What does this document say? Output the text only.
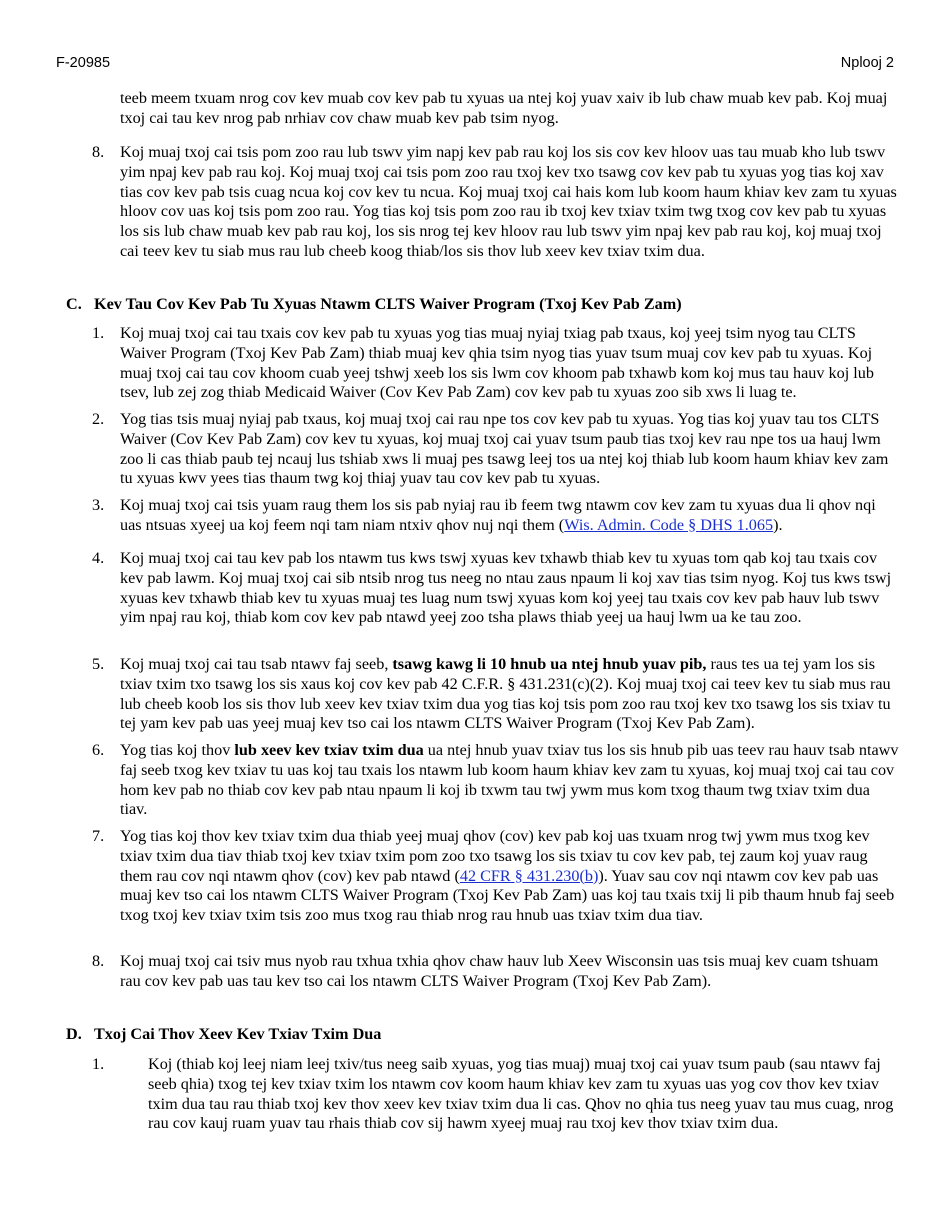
F-20985	Nplooj 2

teeb meem txuam nrog cov kev muab cov kev pab tu xyuas ua ntej koj yuav xaiv ib lub chaw muab kev pab. Koj muaj txoj cai tau kev nrog pab nrhiav cov chaw muab kev pab tsim nyog.

8. Koj muaj txoj cai tsis pom zoo rau lub tswv yim napj kev pab rau koj los sis cov kev hloov uas tau muab kho lub tswv yim npaj kev pab rau koj. Koj muaj txoj cai tsis pom zoo rau txoj kev txo tsawg cov kev pab tu xyuas yog tias koj xav tias cov kev pab tsis cuag ncua koj cov kev tu ncua. Koj muaj txoj cai hais kom lub koom haum khiav kev zam tu xyuas hloov cov uas koj tsis pom zoo rau. Yog tias koj tsis pom zoo rau ib txoj kev txiav txim twg txog cov kev pab tu xyuas los sis lub chaw muab kev pab rau koj, los sis nrog tej kev hloov rau lub tswv yim npaj kev pab rau koj, koj muaj txoj cai teev kev tu siab mus rau lub cheeb koog thiab/los sis thov lub xeev kev txiav txim dua.
C. Kev Tau Cov Kev Pab Tu Xyuas Ntawm CLTS Waiver Program (Txoj Kev Pab Zam)
1. Koj muaj txoj cai tau txais cov kev pab tu xyuas yog tias muaj nyiaj txiag pab txaus, koj yeej tsim nyog tau CLTS Waiver Program (Txoj Kev Pab Zam) thiab muaj kev qhia tsim nyog tias yuav tsum muaj cov kev pab tu xyuas. Koj muaj txoj cai tau cov khoom cuab yeej tshwj xeeb los sis lwm cov khoom pab txhawb kom koj mus tau hauv koj lub tsev, lub zej zog thiab Medicaid Waiver (Cov Kev Pab Zam) cov kev pab tu xyuas zoo sib xws li luag te.
2. Yog tias tsis muaj nyiaj pab txaus, koj muaj txoj cai rau npe tos cov kev pab tu xyuas. Yog tias koj yuav tau tos CLTS Waiver (Cov Kev Pab Zam) cov kev tu xyuas, koj muaj txoj cai yuav tsum paub tias txoj kev rau npe tos ua hauj lwm zoo li cas thiab paub tej ncauj lus tshiab xws li muaj pes tsawg leej tos ua ntej koj thiab lub koom haum khiav kev zam tu xyuas kwv yees tias thaum twg koj thiaj yuav tau cov kev pab tu xyuas.
3. Koj muaj txoj cai tsis yuam raug them los sis pab nyiaj rau ib feem twg ntawm cov kev zam tu xyuas dua li qhov nqi uas ntsuas xyeej ua koj feem nqi tam niam ntxiv qhov nuj nqi them (Wis. Admin. Code § DHS 1.065).
4. Koj muaj txoj cai tau kev pab los ntawm tus kws tswj xyuas kev txhawb thiab kev tu xyuas tom qab koj tau txais cov kev pab lawm. Koj muaj txoj cai sib ntsib nrog tus neeg no ntau zaus npaum li koj xav tias tsim nyog. Koj tus kws tswj xyuas kev txhawb thiab kev tu xyuas muaj tes luag num tswj xyuas kom koj yeej tau txais cov kev pab hauv lub tswv yim npaj rau koj, thiab kom cov kev pab ntawd yeej zoo tsha plaws thiab yeej ua hauj lwm ua ke tau zoo.
5. Koj muaj txoj cai tau tsab ntawv faj seeb, tsawg kawg li 10 hnub ua ntej hnub yuav pib, raus tes ua tej yam los sis txiav txim txo tsawg los sis xaus koj cov kev pab 42 C.F.R. § 431.231(c)(2). Koj muaj txoj cai teev kev tu siab mus rau lub cheeb koob los sis thov lub xeev kev txiav txim dua yog tias koj tsis pom zoo rau txoj kev txo tsawg los sis txiav tu tej yam kev pab uas yeej muaj kev tso cai los ntawm CLTS Waiver Program (Txoj Kev Pab Zam).
6. Yog tias koj thov lub xeev kev txiav txim dua ua ntej hnub yuav txiav tus los sis hnub pib uas teev rau hauv tsab ntawv faj seeb txog kev txiav tu uas koj tau txais los ntawm lub koom haum khiav kev zam tu xyuas, koj muaj txoj cai tau cov hom kev pab no thiab cov kev pab ntau npaum li koj ib txwm tau twj ywm mus kom txog thaum twg txiav txim dua tiav.
7. Yog tias koj thov kev txiav txim dua thiab yeej muaj qhov (cov) kev pab koj uas txuam nrog twj ywm mus txog kev txiav txim dua tiav thiab txoj kev txiav txim pom zoo txo tsawg los sis txiav tu cov kev pab, tej zaum koj yuav raug them rau cov nqi ntawm qhov (cov) kev pab ntawd (42 CFR § 431.230(b)). Yuav sau cov nqi ntawm cov kev pab uas muaj kev tso cai los ntawm CLTS Waiver Program (Txoj Kev Pab Zam) uas koj tau txais txij li pib thaum hnub faj seeb txog txoj kev txiav txim tsis zoo mus txog rau thiab nrog rau hnub uas txiav txim dua tiav.
8. Koj muaj txoj cai tsiv mus nyob rau txhua txhia qhov chaw hauv lub Xeev Wisconsin uas tsis muaj kev cuam tshuam rau cov kev pab uas tau kev tso cai los ntawm CLTS Waiver Program (Txoj Kev Pab Zam).
D. Txoj Cai Thov Xeev Kev Txiav Txim Dua
1.	Koj (thiab koj leej niam leej txiv/tus neeg saib xyuas, yog tias muaj) muaj txoj cai yuav tsum paub (sau ntawv faj seeb qhia) txog tej kev txiav txim los ntawm cov koom haum khiav kev zam tu xyuas uas yog cov thov kev txiav txim dua tau rau thiab txoj kev thov xeev kev txiav txim dua li cas. Qhov no qhia tus neeg yuav tau mus cuag, nrog rau cov kauj ruam yuav tau rhais thiab cov sij hawm xyeej muaj rau txoj kev thov txiav txim dua.
